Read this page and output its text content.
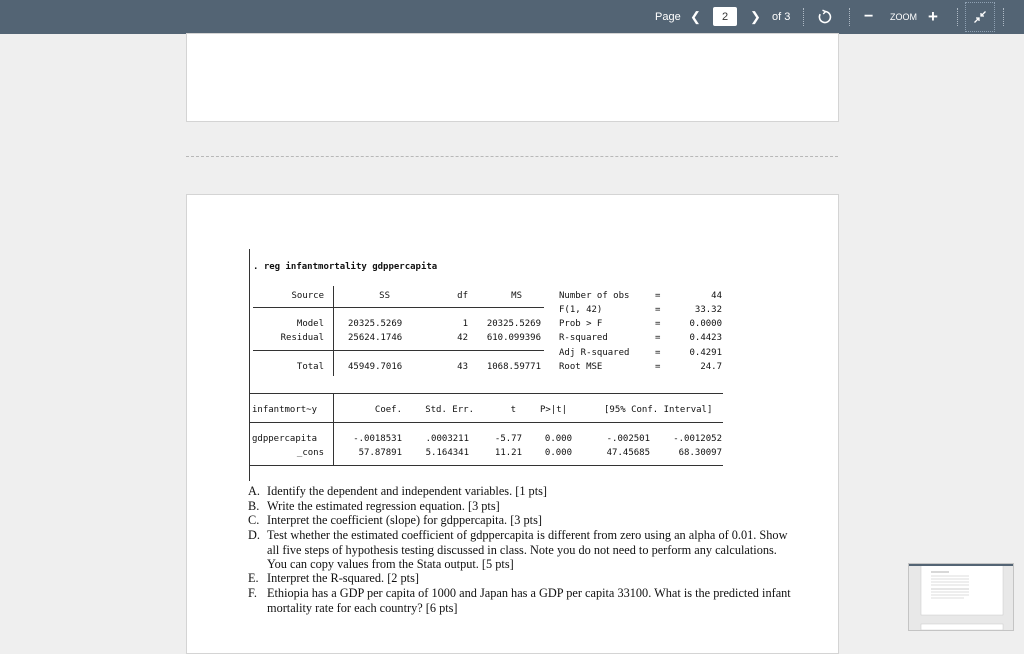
Page ❮	2	❯ of 3	− ZOOM +
. reg infantmortality gdppercapita
Source	SS	df	MS
Model	20325.5269	1	20325.5269
Residual	25624.1746	42	610.099396
Total	45949.7016	43	1068.59771
Number of obs	=	44
F(1, 42)	=	33.32
Prob > F	=	0.0000
R-squared	=	0.4423
Adj R-squared	=	0.4291
Root MSE	=	24.7
infantmort~y	Coef.	Std. Err.	t	P>|t|	[95% Conf. Interval]
gdppercapita	-.0018531	.0003211	-5.77	0.000	-.002501	-.0012052
_cons	57.87891	5.164341	11.21	0.000	47.45685	68.30097
A. Identify the dependent and independent variables. [1 pts]
B. Write the estimated regression equation. [3 pts]
C. Interpret the coefficient (slope) for gdppercapita. [3 pts]
D. Test whether the estimated coefficient of gdppercapita is different from zero using an alpha of 0.01. Show all five steps of hypothesis testing discussed in class. Note you do not need to perform any calculations. You can copy values from the Stata output. [5 pts]
E. Interpret the R-squared. [2 pts]
F. Ethiopia has a GDP per capita of 1000 and Japan has a GDP per capita 33100. What is the predicted infant mortality rate for each country? [6 pts]
